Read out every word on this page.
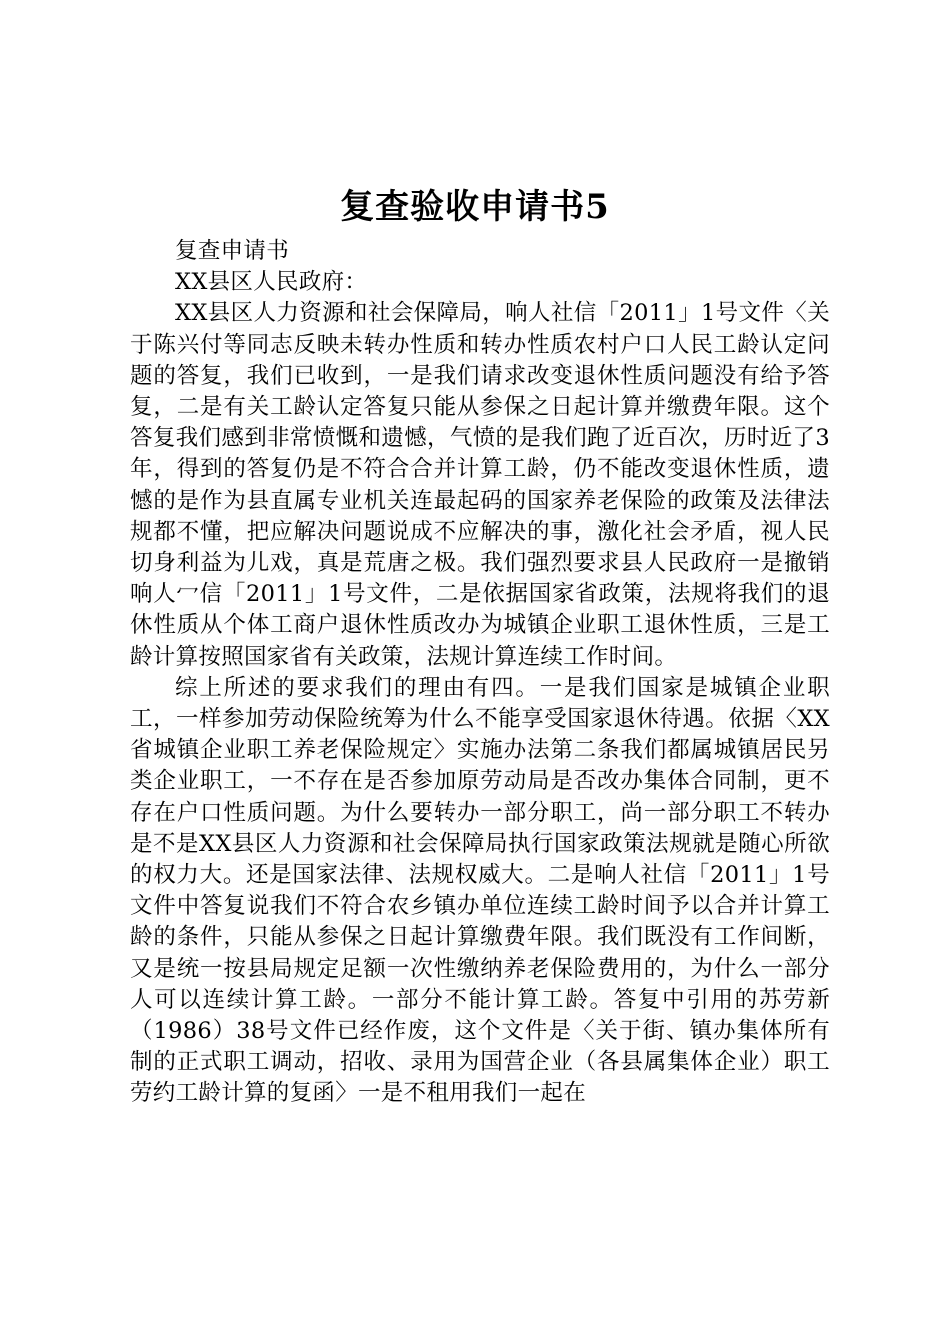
复查验收申请书5

复查申请书

XX县区人民政府：

XX县区人力资源和社会保障局，响人社信「2011」1号文件〈关于陈兴付等同志反映未转办性质和转办性质农村户口人民工龄认定问题的答复，我们已收到，一是我们请求改变退休性质问题没有给予答复，二是有关工龄认定答复只能从参保之日起计算并缴费年限。这个答复我们感到非常愤慨和遗憾，气愤的是我们跑了近百次，历时近了3年，得到的答复仍是不符合合并计算工龄，仍不能改变退休性质，遗憾的是作为县直属专业机关连最起码的国家养老保险的政策及法律法规都不懂，把应解决问题说成不应解决的事，激化社会矛盾，视人民切身利益为儿戏，真是荒唐之极。我们强烈要求县人民政府一是撤销响人冖信「2011」1号文件，二是依据国家省政策，法规将我们的退休性质从个体工商户退休性质改办为城镇企业职工退休性质，三是工龄计算按照国家省有关政策，法规计算连续工作时间。

综上所述的要求我们的理由有四。一是我们国家是城镇企业职工，一样参加劳动保险统筹为什么不能享受国家退休待遇。依据〈XX省城镇企业职工养老保险规定〉实施办法第二条我们都属城镇居民另类企业职工，一不存在是否参加原劳动局是否改办集体合同制，更不存在户口性质问题。为什么要转办一部分职工，尚一部分职工不转办是不是XX县区人力资源和社会保障局执行国家政策法规就是随心所欲的权力大。还是国家法律、法规权威大。二是响人社信「2011」1号文件中答复说我们不符合农乡镇办单位连续工龄时间予以合并计算工龄的条件，只能从参保之日起计算缴费年限。我们既没有工作间断，又是统一按县局规定足额一次性缴纳养老保险费用的，为什么一部分人可以连续计算工龄。一部分不能计算工龄。答复中引用的苏劳新（1986）38号文件已经作废，这个文件是〈关于街、镇办集体所有制的正式职工调动，招收、录用为国营企业（各县属集体企业）职工劳约工龄计算的复函〉一是不租用我们一起在
